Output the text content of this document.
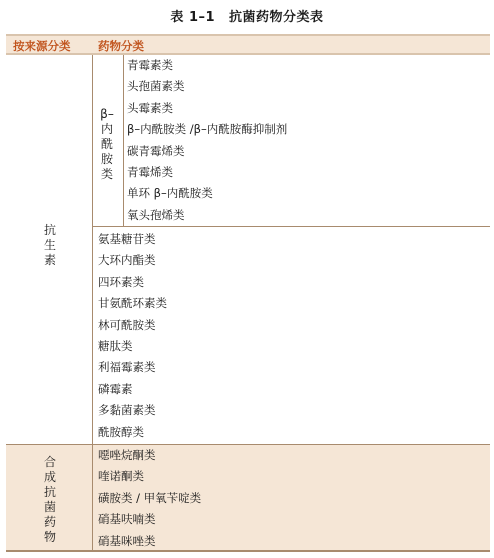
表 1–1 抗菌药物分类表
按来源分类 药物分类
抗
生
素
β–
内
酰
胺
类
青霉素类
头孢菌素类
头霉素类
β–内酰胺类 /β–内酰胺酶抑制剂
碳青霉烯类
青霉烯类
单环 β–内酰胺类
氧头孢烯类
氨基糖苷类
大环内酯类
四环素类
甘氨酰环素类
林可酰胺类
糖肽类
利福霉素类
磷霉素
多黏菌素类
酰胺醇类
合
成
抗
菌
药
物
噁唑烷酮类
喹诺酮类
磺胺类 / 甲氧苄啶类
硝基呋喃类
硝基咪唑类
